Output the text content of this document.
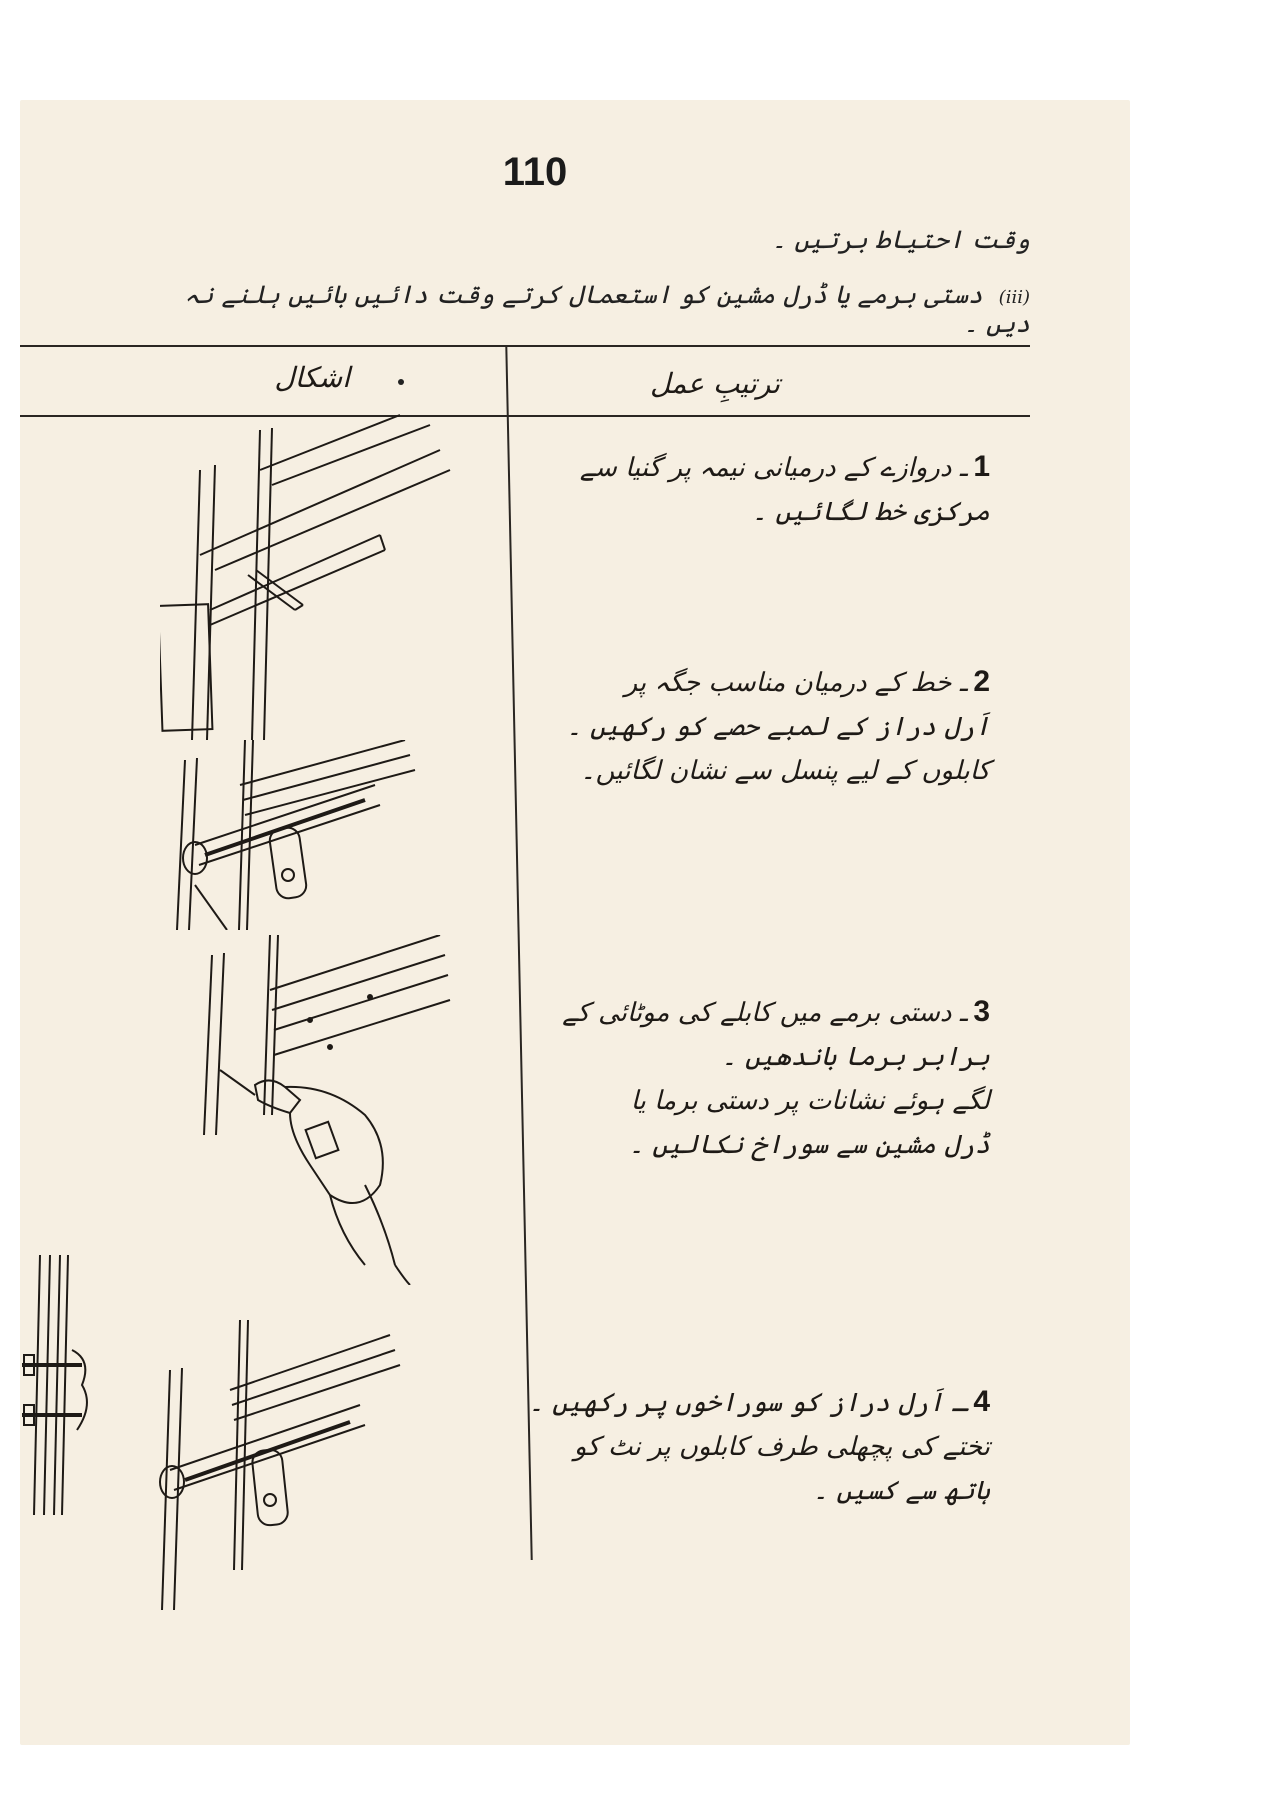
110
وقت احتیاط برتیں ۔
(iii) دستی برمے یا ڈرل مشین کو استعمال کرتے وقت دائیں بائیں ہلنے نہ دیں ۔
ترتیبِ عمل
اشکال
1ـ دروازے کے درمیانی نیمہ پر گنیا سے
مرکزی خط لگائیں ۔
2ـ خط کے درمیان مناسب جگہ پر
اَرل دراز کے لمبے حصے کو رکھیں ۔
کابلوں کے لیے پنسل سے نشان لگائیں۔
3ـ دستی برمے میں کابلے کی موٹائی کے
برابر برما باندھیں ۔
لگے ہوئے نشانات پر دستی برما یا
ڈرل مشین سے سوراخ نکالیں ۔
4ـ اَرل دراز کو سوراخوں پر رکھیں ۔
تختے کی پچھلی طرف کابلوں پر نٹ کو
ہاتھ سے کسیں ۔
